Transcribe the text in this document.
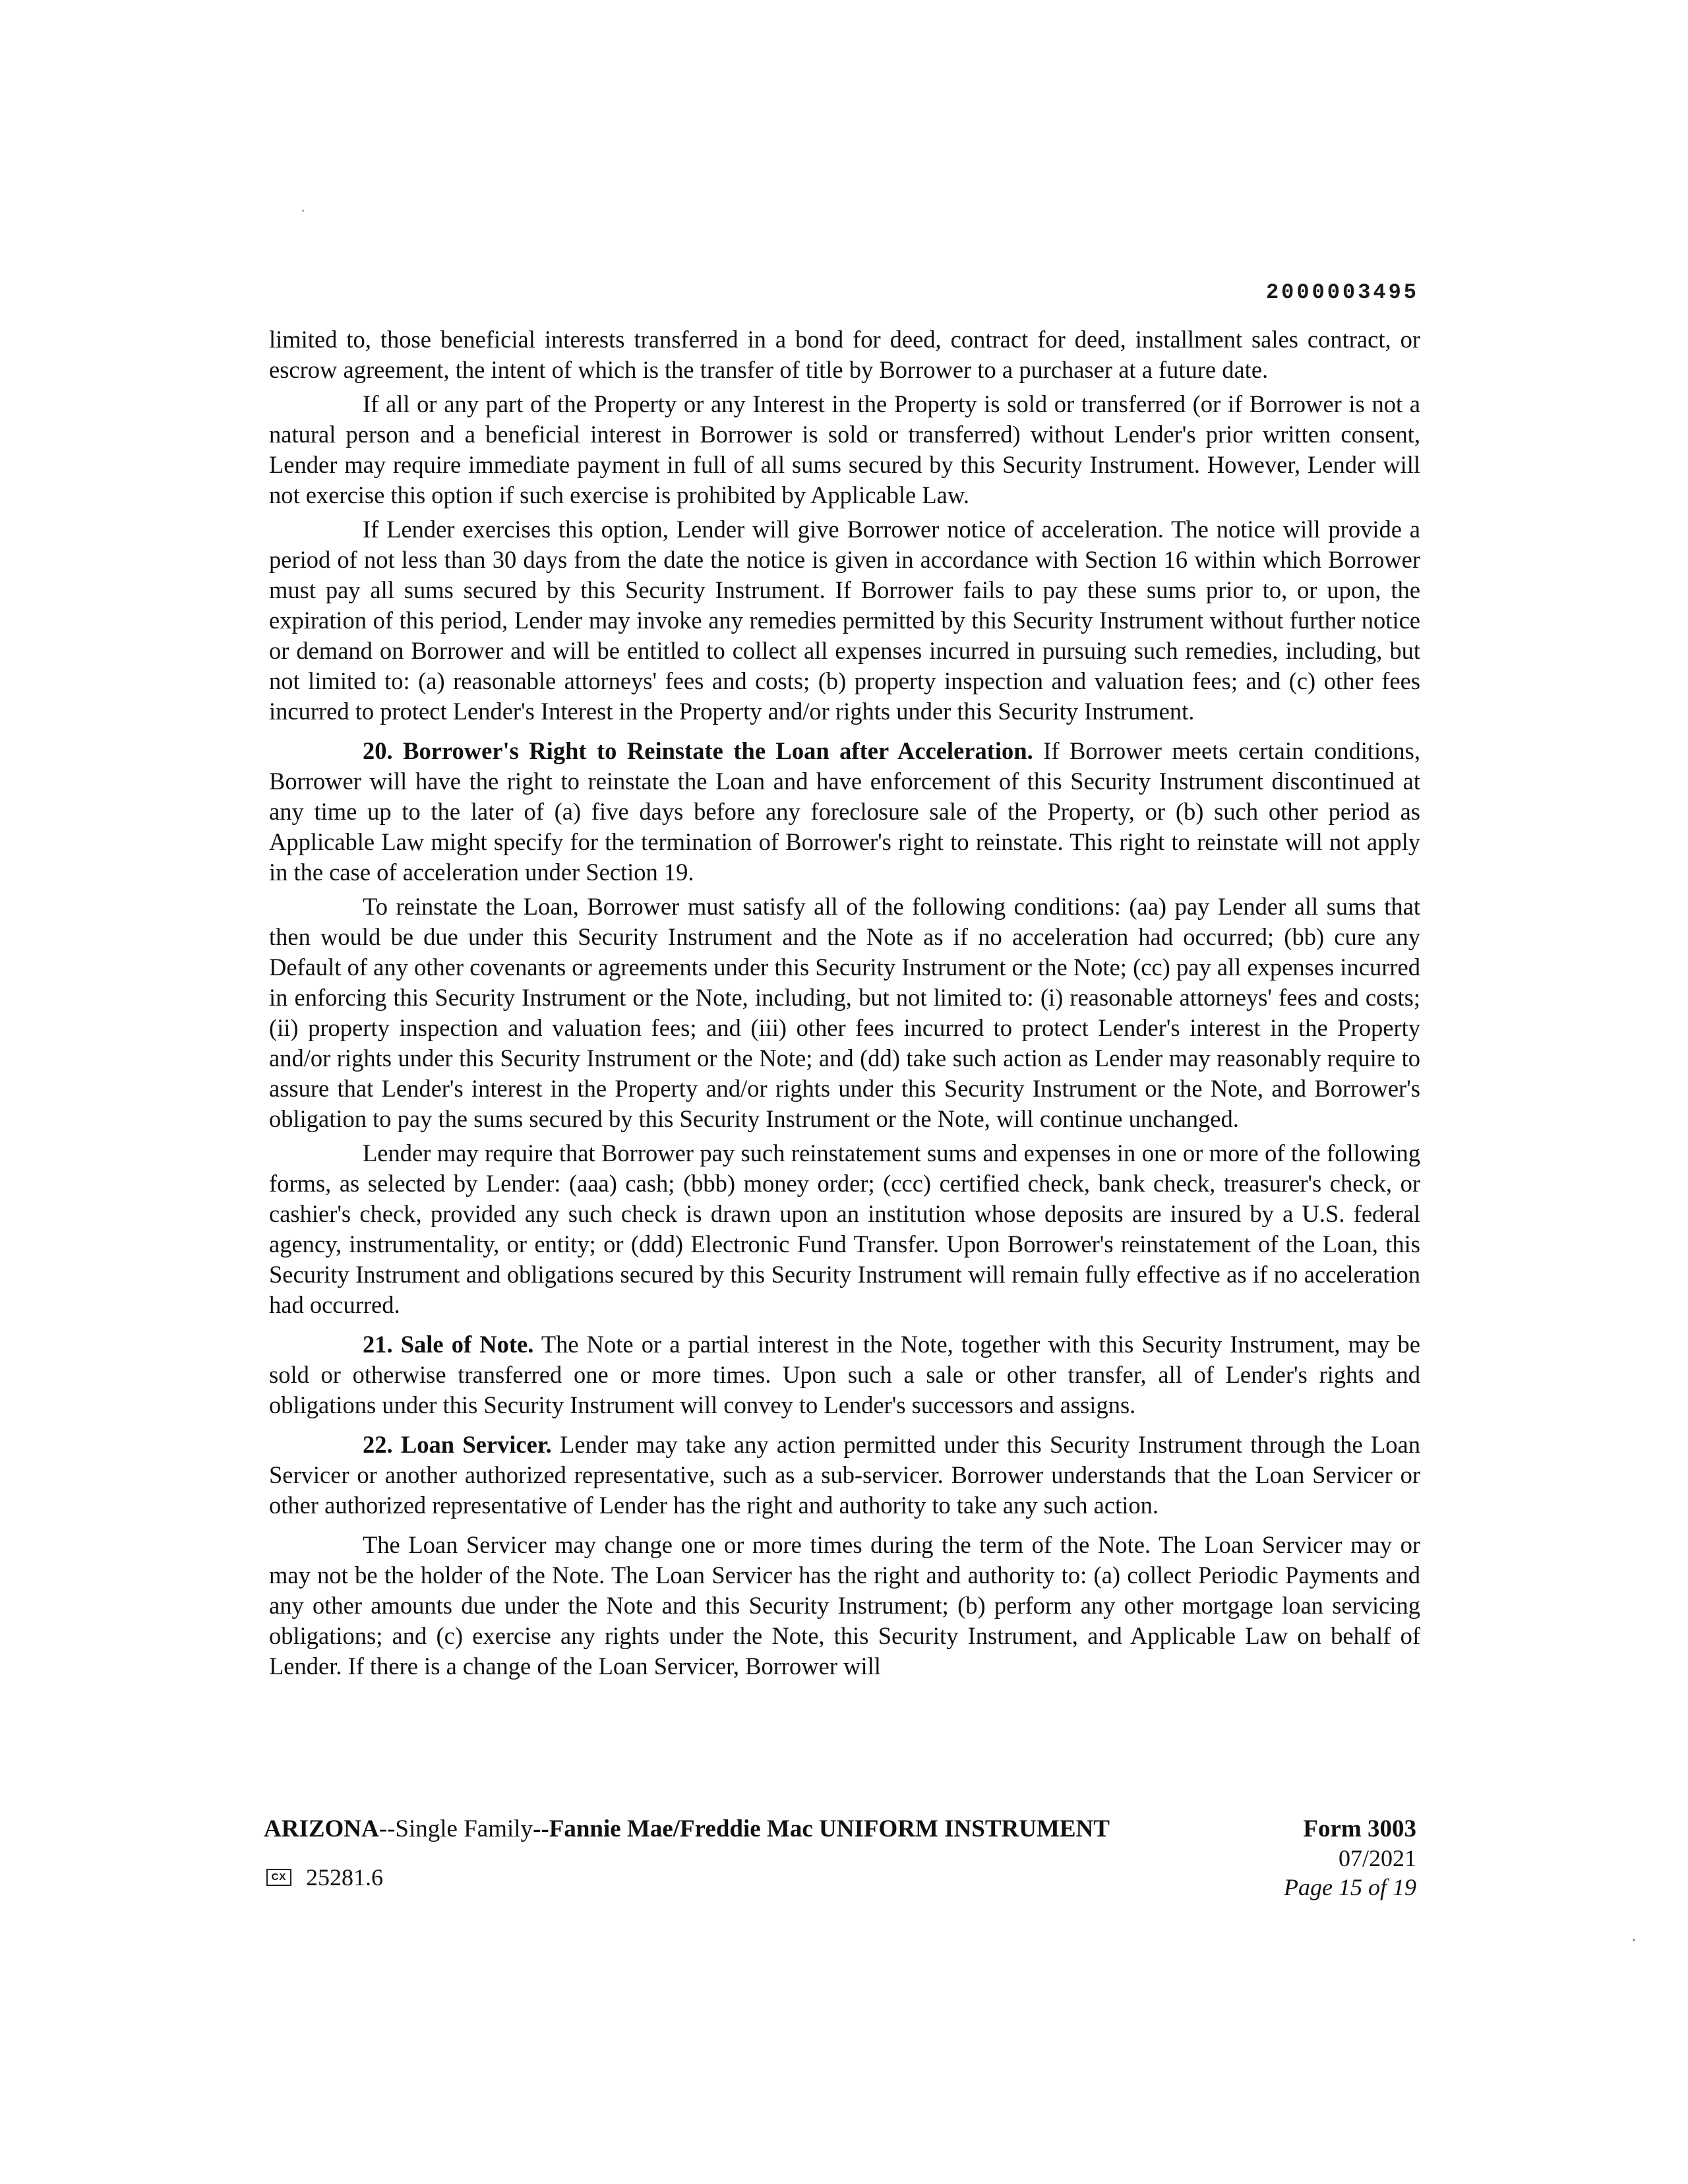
2000003495

limited to, those beneficial interests transferred in a bond for deed, contract for deed, installment sales contract, or escrow agreement, the intent of which is the transfer of title by Borrower to a purchaser at a future date.

If all or any part of the Property or any Interest in the Property is sold or transferred (or if Borrower is not a natural person and a beneficial interest in Borrower is sold or transferred) without Lender's prior written consent, Lender may require immediate payment in full of all sums secured by this Security Instrument. However, Lender will not exercise this option if such exercise is prohibited by Applicable Law.

If Lender exercises this option, Lender will give Borrower notice of acceleration. The notice will provide a period of not less than 30 days from the date the notice is given in accordance with Section 16 within which Borrower must pay all sums secured by this Security Instrument. If Borrower fails to pay these sums prior to, or upon, the expiration of this period, Lender may invoke any remedies permitted by this Security Instrument without further notice or demand on Borrower and will be entitled to collect all expenses incurred in pursuing such remedies, including, but not limited to: (a) reasonable attorneys' fees and costs; (b) property inspection and valuation fees; and (c) other fees incurred to protect Lender's Interest in the Property and/or rights under this Security Instrument.

20. Borrower's Right to Reinstate the Loan after Acceleration. If Borrower meets certain conditions, Borrower will have the right to reinstate the Loan and have enforcement of this Security Instrument discontinued at any time up to the later of (a) five days before any foreclosure sale of the Property, or (b) such other period as Applicable Law might specify for the termination of Borrower's right to reinstate. This right to reinstate will not apply in the case of acceleration under Section 19.

To reinstate the Loan, Borrower must satisfy all of the following conditions: (aa) pay Lender all sums that then would be due under this Security Instrument and the Note as if no acceleration had occurred; (bb) cure any Default of any other covenants or agreements under this Security Instrument or the Note; (cc) pay all expenses incurred in enforcing this Security Instrument or the Note, including, but not limited to: (i) reasonable attorneys' fees and costs; (ii) property inspection and valuation fees; and (iii) other fees incurred to protect Lender's interest in the Property and/or rights under this Security Instrument or the Note; and (dd) take such action as Lender may reasonably require to assure that Lender's interest in the Property and/or rights under this Security Instrument or the Note, and Borrower's obligation to pay the sums secured by this Security Instrument or the Note, will continue unchanged.

Lender may require that Borrower pay such reinstatement sums and expenses in one or more of the following forms, as selected by Lender: (aaa) cash; (bbb) money order; (ccc) certified check, bank check, treasurer's check, or cashier's check, provided any such check is drawn upon an institution whose deposits are insured by a U.S. federal agency, instrumentality, or entity; or (ddd) Electronic Fund Transfer. Upon Borrower's reinstatement of the Loan, this Security Instrument and obligations secured by this Security Instrument will remain fully effective as if no acceleration had occurred.

21. Sale of Note. The Note or a partial interest in the Note, together with this Security Instrument, may be sold or otherwise transferred one or more times. Upon such a sale or other transfer, all of Lender's rights and obligations under this Security Instrument will convey to Lender's successors and assigns.

22. Loan Servicer. Lender may take any action permitted under this Security Instrument through the Loan Servicer or another authorized representative, such as a sub-servicer. Borrower understands that the Loan Servicer or other authorized representative of Lender has the right and authority to take any such action.

The Loan Servicer may change one or more times during the term of the Note. The Loan Servicer may or may not be the holder of the Note. The Loan Servicer has the right and authority to: (a) collect Periodic Payments and any other amounts due under the Note and this Security Instrument; (b) perform any other mortgage loan servicing obligations; and (c) exercise any rights under the Note, this Security Instrument, and Applicable Law on behalf of Lender. If there is a change of the Loan Servicer, Borrower will

ARIZONA--Single Family--Fannie Mae/Freddie Mac UNIFORM INSTRUMENT
CX 25281.6
Form 3003
07/2021
Page 15 of 19
